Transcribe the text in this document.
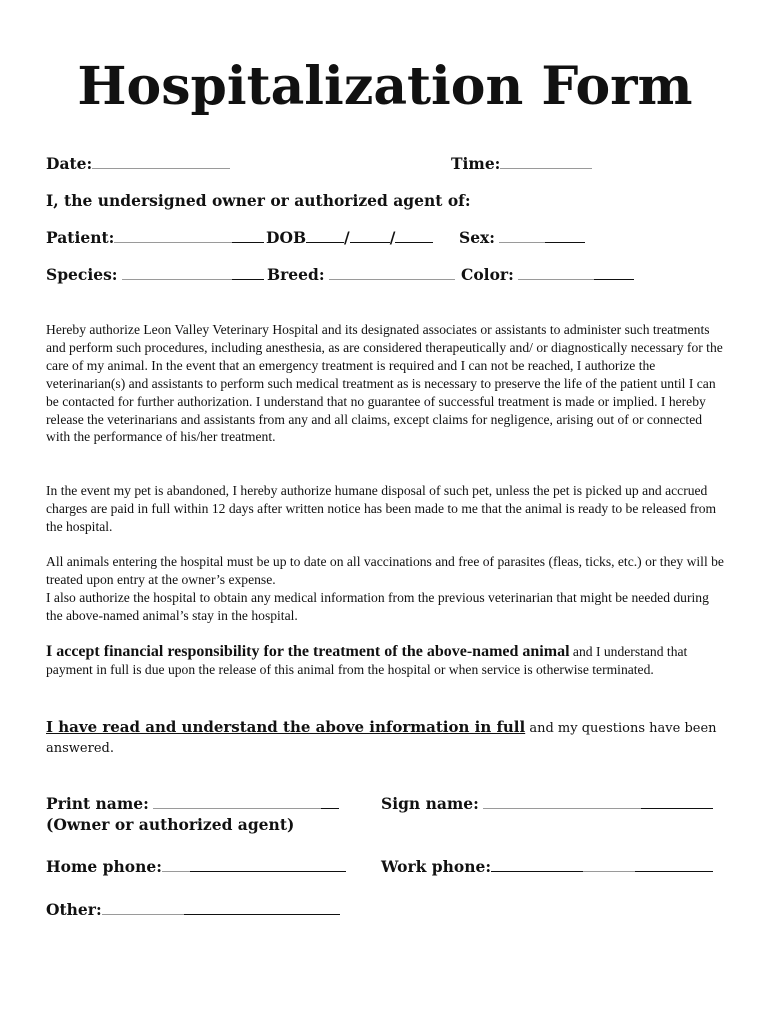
Hospitalization Form
Date:	Time:
I, the undersigned owner or authorized agent of:
Patient:	DOB /	/	Sex:
Species:	Breed:	Color:

Hereby authorize Leon Valley Veterinary Hospital and its designated associates or assistants to administer such treatments and perform such procedures, including anesthesia, as are considered therapeutically and/ or diagnostically necessary for the care of my animal. In the event that an emergency treatment is required and I can not be reached, I authorize the veterinarian(s) and assistants to perform such medical treatment as is necessary to preserve the life of the patient until I can be contacted for further authorization. I understand that no guarantee of successful treatment is made or implied. I hereby release the veterinarians and assistants from any and all claims, except claims for negligence, arising out of or connected with the performance of his/her treatment.

In the event my pet is abandoned, I hereby authorize humane disposal of such pet, unless the pet is picked up and accrued charges are paid in full within 12 days after written notice has been made to me that the animal is ready to be released from the hospital.

All animals entering the hospital must be up to date on all vaccinations and free of parasites (fleas, ticks, etc.) or they will be treated upon entry at the owner’s expense.

I also authorize the hospital to obtain any medical information from the previous veterinarian that might be needed during the above-named animal’s stay in the hospital.

I accept financial responsibility for the treatment of the above-named animal and I understand that payment in full is due upon the release of this animal from the hospital or when service is otherwise terminated.
I have read and understand the above information in full and my questions have been answered.
Print name:
(Owner or authorized agent)
Sign name:
Home phone:	Work phone:
Other:
